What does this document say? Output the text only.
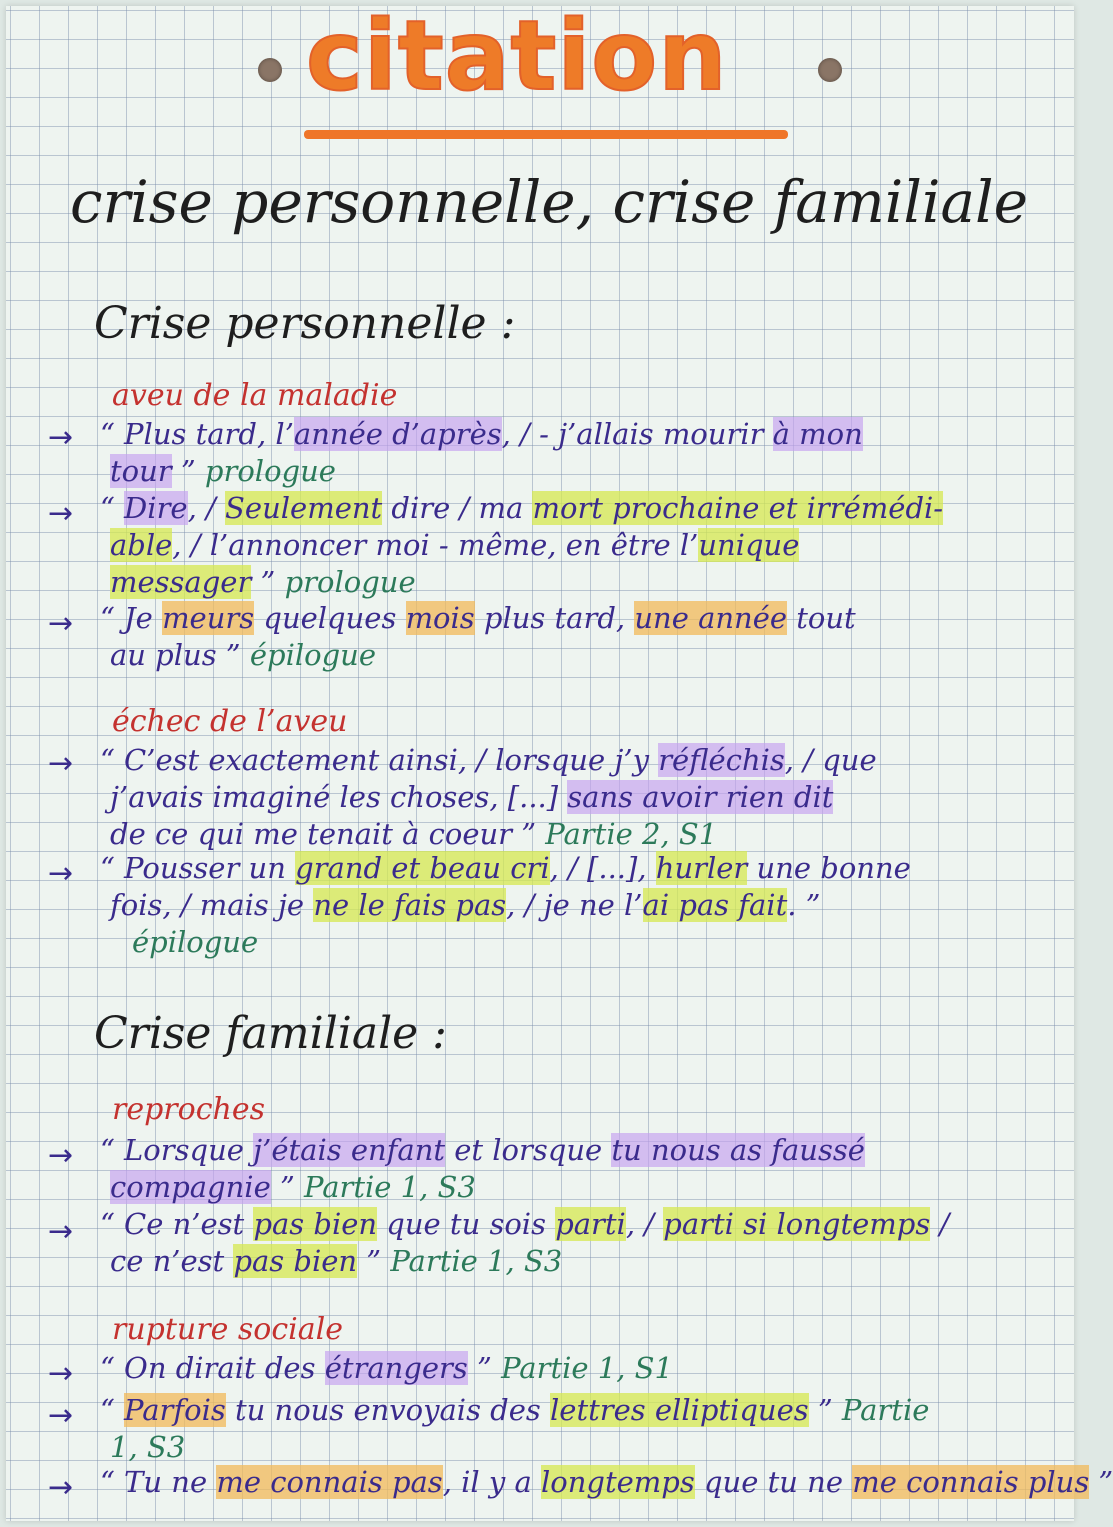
citation
crise personnelle, crise familiale
Crise personnelle :
aveu de la maladie
→ “ Plus tard, l’année d’après, / - j’allais mourir à mon
tour ” prologue
→ “ Dire, / Seulement dire / ma mort prochaine et irrémédi-
able, / l’annoncer moi - même, en être l’unique
messager ” prologue
→ “ Je meurs quelques mois plus tard, une année tout
au plus ” épilogue
échec de l’aveu
→ “ C’est exactement ainsi, / lorsque j’y réfléchis, / que
j’avais imaginé les choses, [...] sans avoir rien dit
de ce qui me tenait à coeur ” Partie 2, S1
→ “ Pousser un grand et beau cri, / [...], hurler une bonne
fois, / mais je ne le fais pas, / je ne l’ai pas fait. ”
épilogue
Crise familiale :
reproches
→ “ Lorsque j’étais enfant et lorsque tu nous as faussé
compagnie ” Partie 1, S3
→ “ Ce n’est pas bien que tu sois parti, / parti si longtemps /
ce n’est pas bien ” Partie 1, S3
rupture sociale
→ “ On dirait des étrangers ” Partie 1, S1
→ “ Parfois tu nous envoyais des lettres elliptiques ” Partie
1, S3
→ “ Tu ne me connais pas, il y a longtemps que tu ne me connais plus ”
